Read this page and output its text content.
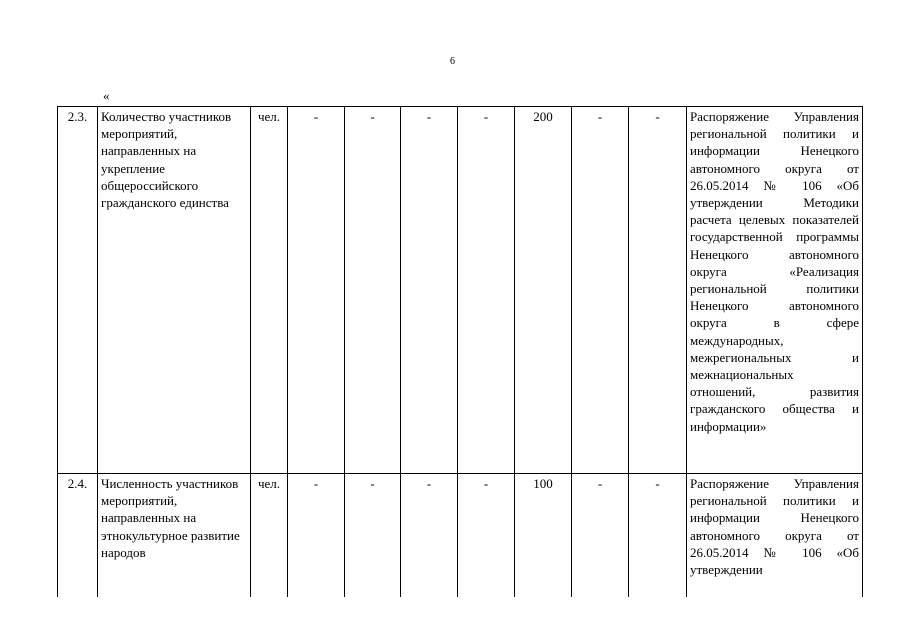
6
«
2.3.	Количество участников мероприятий, направленных на укрепление общероссийского гражданского единства	чел.	-	-	-	-	200	-	-	Распоряжение Управления региональной политики и информации Ненецкого автономного округа от 26.05.2014 № 106 «Об утверждении Методики расчета целевых показателей государственной программы Ненецкого автономного округа «Реализация региональной политики Ненецкого автономного округа в сфере международных, межрегиональных и межнациональных отношений, развития гражданского общества и информации»
2.4.	Численность участников мероприятий, направленных на этнокультурное развитие народов	чел.	-	-	-	-	100	-	-	Распоряжение Управления региональной политики и информации Ненецкого автономного округа от 26.05.2014 № 106 «Об утверждении
